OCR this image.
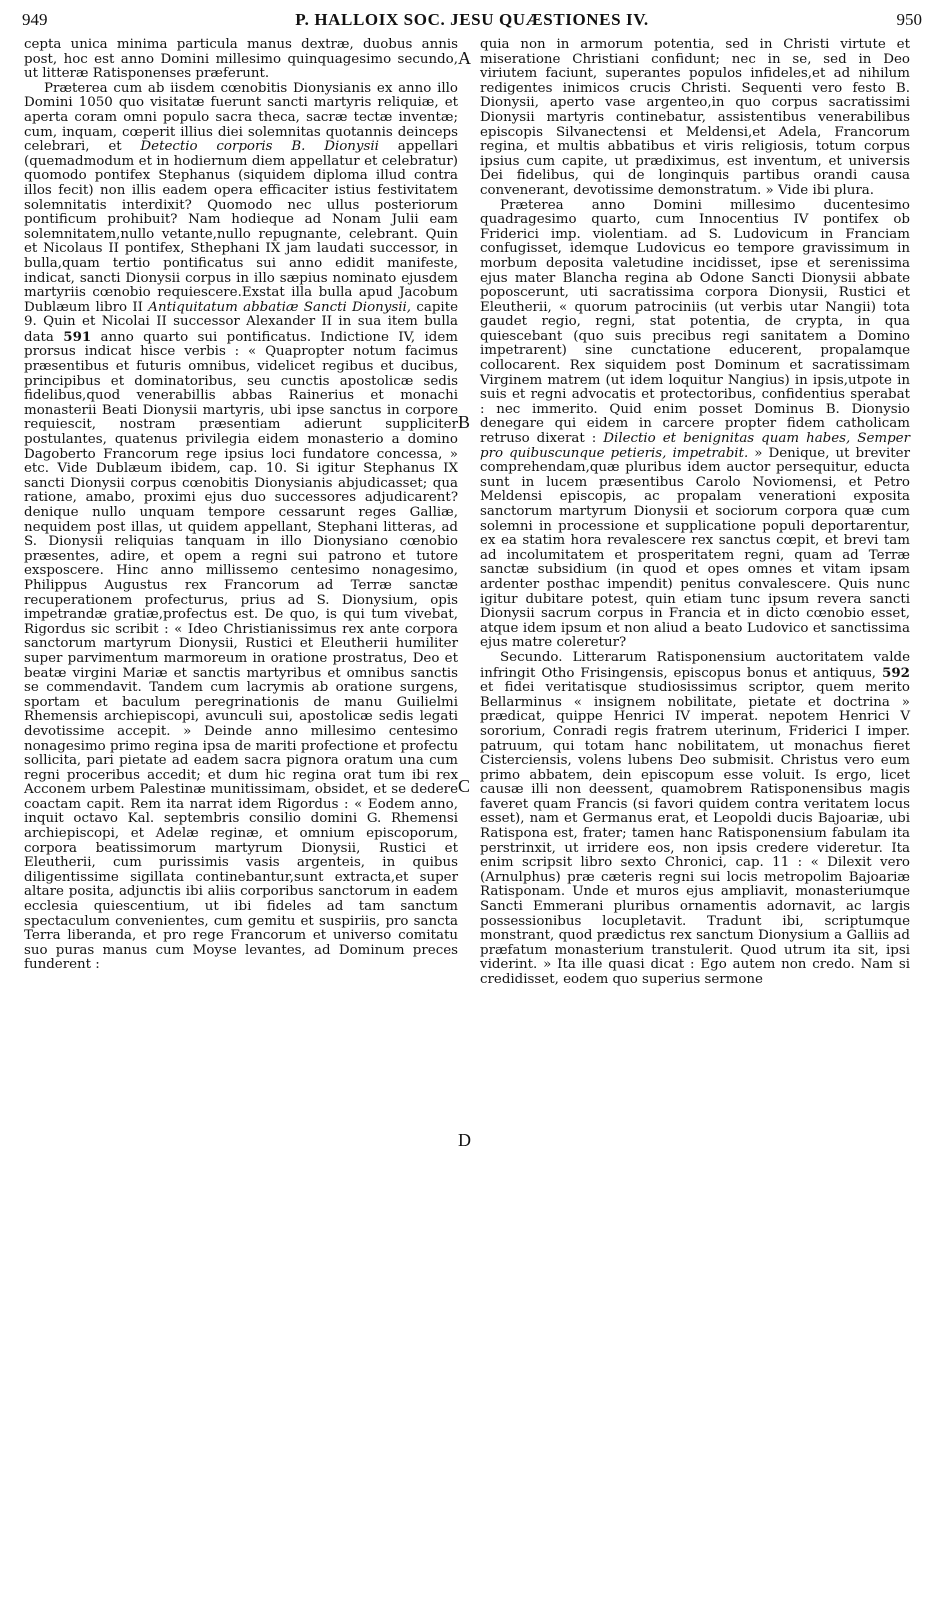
949	P. HALLOIX SOC. JESU QUÆSTIONES IV.	950
A
B
C
D

cepta unica minima particula manus dextræ, duobus annis post, hoc est anno Domini millesimo quinquagesimo secundo, ut litteræ Ratisponenses præferunt.

Præterea cum ab iisdem cœnobitis Dionysianis ex anno illo Domini 1050 quo visitatæ fuerunt sancti martyris reliquiæ, et aperta coram omni populo sacra theca, sacræ tectæ inventæ; cum, inquam, cœperit illius diei solemnitas quotannis deinceps celebrari, et Detectio corporis B. Dionysii appellari (quemadmodum et in hodiernum diem appellatur et celebratur) quomodo pontifex Stephanus (siquidem diploma illud contra illos fecit) non illis eadem opera efficaciter istius festivitatem solemnitatis interdixit? Quomodo nec ullus posteriorum pontificum prohibuit? Nam hodieque ad Nonam Julii eam solemnitatem,nullo vetante,nullo repugnante, celebrant. Quin et Nicolaus II pontifex, Sthephani IX jam laudati successor, in bulla,quam tertio pontificatus sui anno edidit manifeste, indicat, sancti Dionysii corpus in illo sæpius nominato ejusdem martyriis cœnobio requiescere.Exstat illa bulla apud Jacobum Dublæum libro II Antiquitatum abbatiæ Sancti Dionysii, capite 9. Quin et Nicolai II successor Alexander II in sua item bulla data 591 anno quarto sui pontificatus. Indictione IV, idem prorsus indicat hisce verbis : « Quapropter notum facimus præsentibus et futuris omnibus, videlicet regibus et ducibus, principibus et dominatoribus, seu cunctis apostolicæ sedis fidelibus,quod venerabillis abbas Rainerius et monachi monasterii Beati Dionysii martyris, ubi ipse sanctus in corpore requiescit, nostram præsentiam adierunt suppliciter postulantes, quatenus privilegia eidem monasterio a domino Dagoberto Francorum rege ipsius loci fundatore concessa, » etc. Vide Dublæum ibidem, cap. 10. Si igitur Stephanus IX sancti Dionysii corpus cœnobitis Dionysianis abjudicasset; qua ratione, amabo, proximi ejus duo successores adjudicarent? denique nullo unquam tempore cessarunt reges Galliæ, nequidem post illas, ut quidem appellant, Stephani litteras, ad S. Dionysii reliquias tanquam in illo Dionysiano cœnobio præsentes, adire, et opem a regni sui patrono et tutore exsposcere. Hinc anno millissemo centesimo nonagesimo, Philippus Augustus rex Francorum ad Terræ sanctæ recuperationem profecturus, prius ad S. Dionysium, opis impetrandæ gratiæ,profectus est. De quo, is qui tum vivebat, Rigordus sic scribit : « Ideo Christianissimus rex ante corpora sanctorum martyrum Dionysii, Rustici et Eleutherii humiliter super parvimentum marmoreum in oratione prostratus, Deo et beatæ virgini Mariæ et sanctis martyribus et omnibus sanctis se commendavit. Tandem cum lacrymis ab oratione surgens, sportam et baculum peregrinationis de manu Guilielmi Rhemensis archiepiscopi, avunculi sui, apostolicæ sedis legati devotissime accepit. » Deinde anno millesimo centesimo nonagesimo primo regina ipsa de mariti profectione et profectu sollicita, pari pietate ad eadem sacra pignora oratum una cum regni proceribus accedit; et dum hic regina orat tum ibi rex Acconem urbem Palestinæ munitissimam, obsidet, et se dedere coactam capit. Rem ita narrat idem Rigordus : « Eodem anno, inquit octavo Kal. septembris consilio domini G. Rhemensi archiepiscopi, et Adelæ reginæ, et omnium episcoporum, corpora beatissimorum martyrum Dionysii, Rustici et Eleutherii, cum purissimis vasis argenteis, in quibus diligentissime sigillata continebantur,sunt extracta,et super altare posita, adjunctis ibi aliis corporibus sanctorum in eadem ecclesia quiescentium, ut ibi fideles ad tam sanctum spectaculum convenientes, cum gemitu et suspiriis, pro sancta Terra liberanda, et pro rege Francorum et universo comitatu suo puras manus cum Moyse levantes, ad Dominum preces funderent :

quia non in armorum potentia, sed in Christi virtute et miseratione Christiani confidunt; nec in se, sed in Deo viriutem faciunt, superantes populos infideles,et ad nihilum redigentes inimicos crucis Christi. Sequenti vero festo B. Dionysii, aperto vase argenteo,in quo corpus sacratissimi Dionysii martyris continebatur, assistentibus venerabilibus episcopis Silvanectensi et Meldensi,et Adela, Francorum regina, et multis abbatibus et viris religiosis, totum corpus ipsius cum capite, ut prædiximus, est inventum, et universis Dei fidelibus, qui de longinquis partibus orandi causa convenerant, devotissime demonstratum. » Vide ibi plura.

Præterea anno Domini millesimo ducentesimo quadragesimo quarto, cum Innocentius IV pontifex ob Friderici imp. violentiam. ad S. Ludovicum in Franciam confugisset, idemque Ludovicus eo tempore gravissimum in morbum deposita valetudine incidisset, ipse et serenissima ejus mater Blancha regina ab Odone Sancti Dionysii abbate poposcerunt, uti sacratissima corpora Dionysii, Rustici et Eleutherii, « quorum patrociniis (ut verbis utar Nangii) tota gaudet regio, regni, stat potentia, de crypta, in qua quiescebant (quo suis precibus regi sanitatem a Domino impetrarent) sine cunctatione educerent, propalamque collocarent. Rex siquidem post Dominum et sacratissimam Virginem matrem (ut idem loquitur Nangius) in ipsis,utpote in suis et regni advocatis et protectoribus, confidentius sperabat : nec immerito. Quid enim posset Dominus B. Dionysio denegare qui eidem in carcere propter fidem catholicam retruso dixerat : Dilectio et benignitas quam habes, Semper pro quibuscunque petieris, impetrabit. » Denique, ut breviter comprehendam,quæ pluribus idem auctor persequitur, educta sunt in lucem præsentibus Carolo Noviomensi, et Petro Meldensi episcopis, ac propalam venerationi exposita sanctorum martyrum Dionysii et sociorum corpora quæ cum solemni in processione et supplicatione populi deportarentur, ex ea statim hora revalescere rex sanctus cœpit, et brevi tam ad incolumitatem et prosperitatem regni, quam ad Terræ sanctæ subsidium (in quod et opes omnes et vitam ipsam ardenter posthac impendit) penitus convalescere. Quis nunc igitur dubitare potest, quin etiam tunc ipsum revera sancti Dionysii sacrum corpus in Francia et in dicto cœnobio esset, atque idem ipsum et non aliud a beato Ludovico et sanctissima ejus matre coleretur?

Secundo. Litterarum Ratisponensium auctoritatem valde infringit Otho Frisingensis, episcopus bonus et antiquus, 592 et fidei veritatisque studiosissimus scriptor, quem merito Bellarminus « insignem nobilitate, pietate et doctrina » prædicat, quippe Henrici IV imperat. nepotem Henrici V sororium, Conradi regis fratrem uterinum, Friderici I imper. patruum, qui totam hanc nobilitatem, ut monachus fieret Cisterciensis, volens lubens Deo submisit. Christus vero eum primo abbatem, dein episcopum esse voluit. Is ergo, licet causæ illi non deessent, quamobrem Ratisponensibus magis faveret quam Francis (si favori quidem contra veritatem locus esset), nam et Germanus erat, et Leopoldi ducis Bajoariæ, ubi Ratispona est, frater; tamen hanc Ratisponensium fabulam ita perstrinxit, ut irridere eos, non ipsis credere videretur. Ita enim scripsit libro sexto Chronici, cap. 11 : « Dilexit vero (Arnulphus) præ cæteris regni sui locis metropolim Bajoariæ Ratisponam. Unde et muros ejus ampliavit, monasteriumque Sancti Emmerani pluribus ornamentis adornavit, ac largis possessionibus locupletavit. Tradunt ibi, scriptumque monstrant, quod prædictus rex sanctum Dionysium a Galliis ad præfatum monasterium transtulerit. Quod utrum ita sit, ipsi viderint. » Ita ille quasi dicat : Ego autem non credo. Nam si credidisset, eodem quo superius sermone
